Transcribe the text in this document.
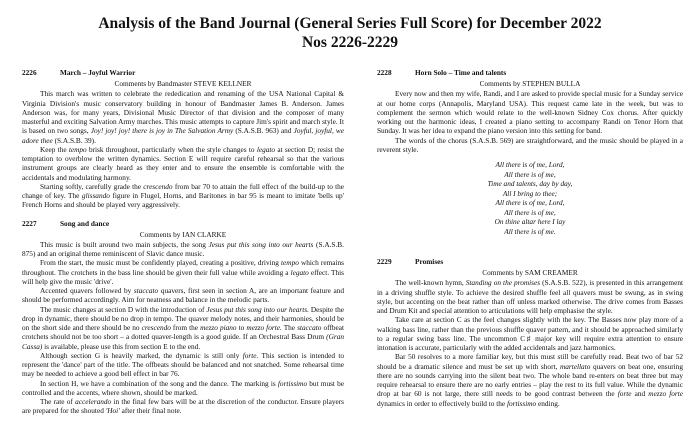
Analysis of the Band Journal (General Series Full Score) for December 2022
Nos 2226-2229
2226	March – Joyful Warrior
Comments by Bandmaster STEVE KELLNER

This march was written to celebrate the rededication and renaming of the USA National Capital & Virginia Division's music conservatory building in honour of Bandmaster James B. Anderson. James Anderson was, for many years, Divisional Music Director of that division and the composer of many masterful and exciting Salvation Army marches. This music attempts to capture Jim's spirit and march style. It is based on two songs, Joy! joy! joy! there is joy in The Salvation Army (S.A.S.B. 963) and Joyful, joyful, we adore thee (S.A.S.B. 39).

Keep the tempo brisk throughout, particularly when the style changes to legato at section D; resist the temptation to overblow the written dynamics. Section E will require careful rehearsal so that the various instrument groups are clearly heard as they enter and to ensure the ensemble is comfortable with the accidentals and modulating harmony.

Starting softly, carefully grade the crescendo from bar 70 to attain the full effect of the build-up to the change of key. The glissando figure in Flugel, Horns, and Baritones in bar 95 is meant to imitate 'bells up' French Horns and should be played very aggressively.

2227	Song and dance
Comments by IAN CLARKE

This music is built around two main subjects, the song Jesus put this song into our hearts (S.A.S.B. 875) and an original theme reminiscent of Slavic dance music.

From the start, the music must be confidently played, creating a positive, driving tempo which remains throughout. The crotchets in the bass line should be given their full value while avoiding a legato effect. This will help give the music 'drive'.

Accented quavers followed by staccato quavers, first seen in section A, are an important feature and should be performed accordingly. Aim for neatness and balance in the melodic parts.

The music changes at section D with the introduction of Jesus put this song into our hearts. Despite the drop in dynamic, there should be no drop in tempo. The quaver melody notes, and their harmonies, should be on the short side and there should be no crescendo from the mezzo piano to mezzo forte. The staccato offbeat crotchets should not be too short – a dotted quaver-length is a good guide. If an Orchestral Bass Drum (Gran Cassa) is available, please use this from section E to the end.

Although section G is heavily marked, the dynamic is still only forte. This section is intended to represent the 'dance' part of the title. The offbeats should be balanced and not snatched. Some rehearsal time may be needed to achieve a good bell effect in bar 76.

In section H, we have a combination of the song and the dance. The marking is fortissimo but must be controlled and the accents, where shown, should be marked.

The rate of accelerando in the final few bars will be at the discretion of the conductor. Ensure players are prepared for the shouted 'Hoi' after their final note.

2228	Horn Solo – Time and talents
Comments by STEPHEN BULLA

Every now and then my wife, Randi, and I are asked to provide special music for a Sunday service at our home corps (Annapolis, Maryland USA). This request came late in the week, but was to complement the sermon which would relate to the well-known Sidney Cox chorus. After quickly working out the harmonic ideas, I created a piano setting to accompany Randi on Tenor Horn that Sunday. It was her idea to expand the piano version into this setting for band.

The words of the chorus (S.A.S.B. 569) are straightforward, and the music should be played in a reverent style.

All there is of me, Lord,
All there is of me,
Time and talents, day by day,
All I bring to thee;
All there is of me, Lord,
All there is of me,
On thine altar here I lay
All there is of me.
2229	Promises
Comments by SAM CREAMER

The well-known hymn, Standing on the promises (S.A.S.B. 522), is presented in this arrangement in a driving shuffle style. To achieve the desired shuffle feel all quavers must be swung, as in swing style, but accenting on the beat rather than off unless marked otherwise. The drive comes from Basses and Drum Kit and special attention to articulations will help emphasise the style.

Take care at section C as the feel changes slightly with the key. The Basses now play more of a walking bass line, rather than the previous shuffle quaver pattern, and it should be approached similarly to a regular swing bass line. The uncommon C♯ major key will require extra attention to ensure intonation is accurate, particularly with the added accidentals and jazz harmonics.

Bar 50 resolves to a more familiar key, but this must still be carefully read. Beat two of bar 52 should be a dramatic silence and must be set up with short, martellato quavers on beat one, ensuring there are no sounds carrying into the silent beat two. The whole band re-enters on beat three but may require rehearsal to ensure there are no early entries – play the rest to its full value. While the dynamic drop at bar 60 is not large, there still needs to be good contrast between the forte and mezzo forte dynamics in order to effectively build to the fortissimo ending.
